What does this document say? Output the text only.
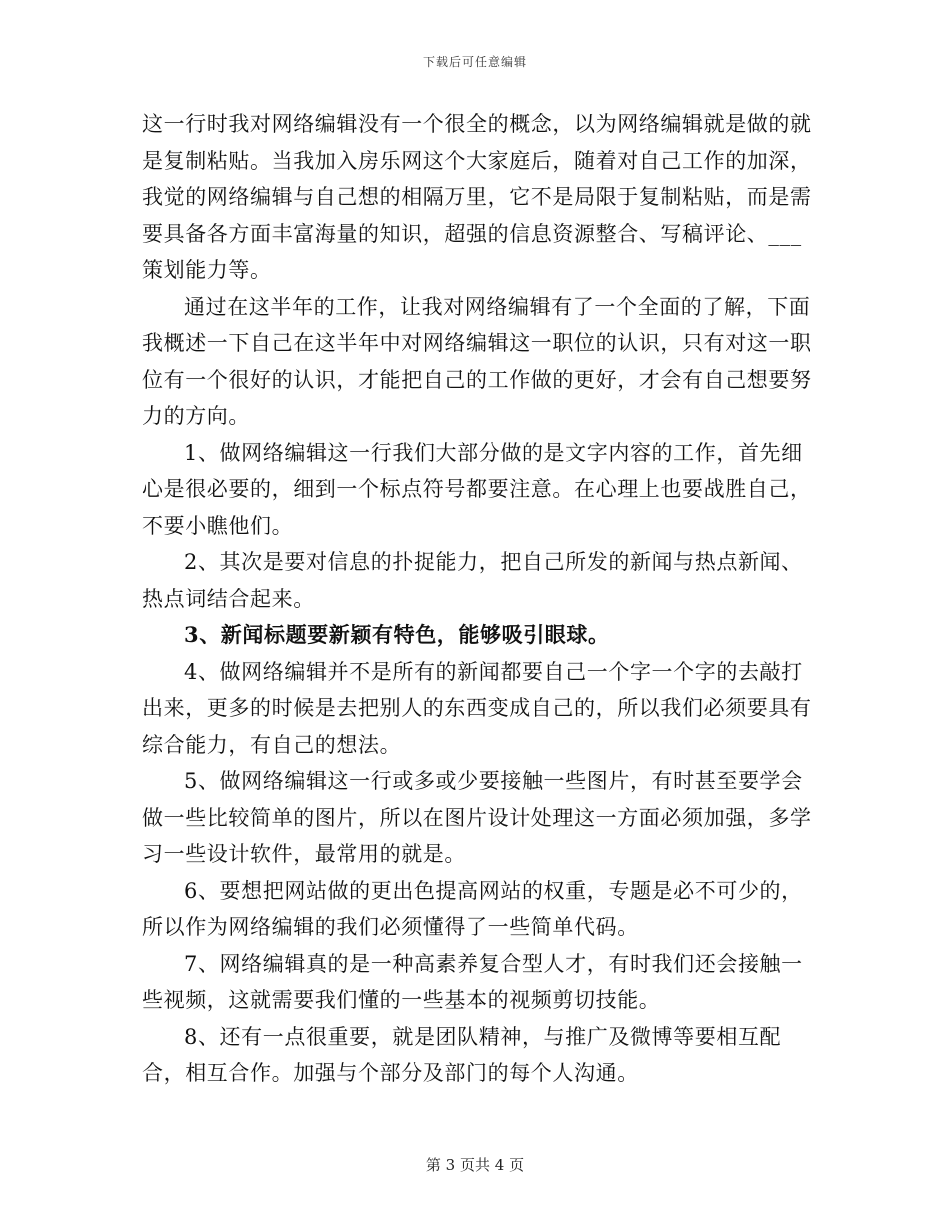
下载后可任意编辑

这一行时我对网络编辑没有一个很全的概念，以为网络编辑就是做的就是复制粘贴。当我加入房乐网这个大家庭后，随着对自己工作的加深，我觉的网络编辑与自己想的相隔万里，它不是局限于复制粘贴，而是需要具备各方面丰富海量的知识，超强的信息资源整合、写稿评论、___策划能力等。

通过在这半年的工作，让我对网络编辑有了一个全面的了解，下面我概述一下自己在这半年中对网络编辑这一职位的认识，只有对这一职位有一个很好的认识，才能把自己的工作做的更好，才会有自己想要努力的方向。

1、做网络编辑这一行我们大部分做的是文字内容的工作，首先细心是很必要的，细到一个标点符号都要注意。在心理上也要战胜自己，不要小瞧他们。

2、其次是要对信息的扑捉能力，把自己所发的新闻与热点新闻、热点词结合起来。

3、新闻标题要新颖有特色，能够吸引眼球。

4、做网络编辑并不是所有的新闻都要自己一个字一个字的去敲打出来，更多的时候是去把别人的东西变成自己的，所以我们必须要具有综合能力，有自己的想法。

5、做网络编辑这一行或多或少要接触一些图片，有时甚至要学会做一些比较简单的图片，所以在图片设计处理这一方面必须加强，多学习一些设计软件，最常用的就是。

6、要想把网站做的更出色提高网站的权重，专题是必不可少的，所以作为网络编辑的我们必须懂得了一些简单代码。

7、网络编辑真的是一种高素养复合型人才，有时我们还会接触一些视频，这就需要我们懂的一些基本的视频剪切技能。

8、还有一点很重要，就是团队精神，与推广及微博等要相互配合，相互合作。加强与个部分及部门的每个人沟通。

第 3 页共 4 页
